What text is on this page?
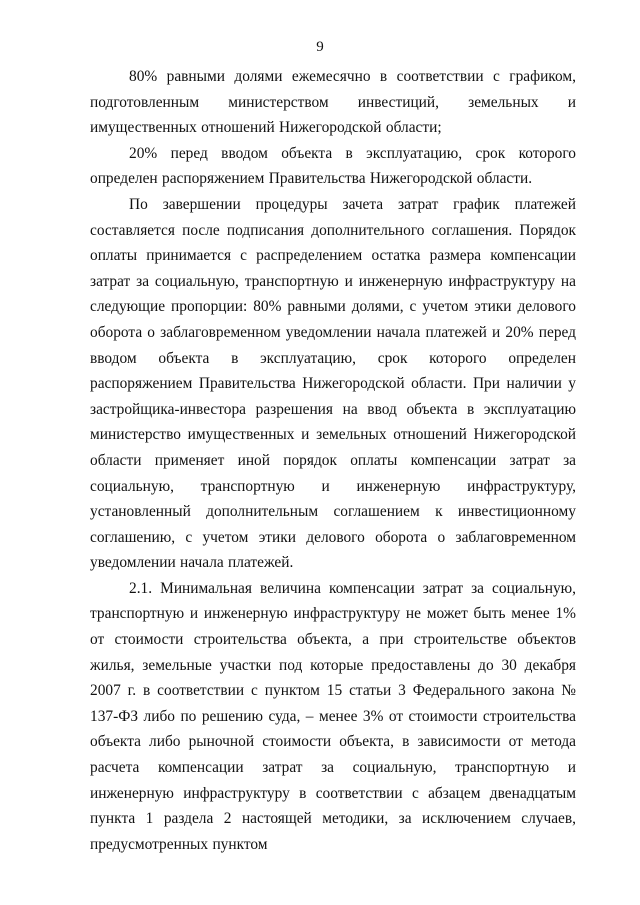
9

80% равными долями ежемесячно в соответствии с графиком, подготовленным министерством инвестиций, земельных и имущественных отношений Нижегородской области;

20% перед вводом объекта в эксплуатацию, срок которого определен распоряжением Правительства Нижегородской области.

По завершении процедуры зачета затрат график платежей составляется после подписания дополнительного соглашения. Порядок оплаты принимается с распределением остатка размера компенсации затрат за социальную, транспортную и инженерную инфраструктуру на следующие пропорции: 80% равными долями, с учетом этики делового оборота о заблаговременном уведомлении начала платежей и 20% перед вводом объекта в эксплуатацию, срок которого определен распоряжением Правительства Нижегородской области. При наличии у застройщика-инвестора разрешения на ввод объекта в эксплуатацию министерство имущественных и земельных отношений Нижегородской области применяет иной порядок оплаты компенсации затрат за социальную, транспортную и инженерную инфраструктуру, установленный дополнительным соглашением к инвестиционному соглашению, с учетом этики делового оборота о заблаговременном уведомлении начала платежей.

2.1. Минимальная величина компенсации затрат за социальную, транспортную и инженерную инфраструктуру не может быть менее 1% от стоимости строительства объекта, а при строительстве объектов жилья, земельные участки под которые предоставлены до 30 декабря 2007 г. в соответствии с пунктом 15 статьи 3 Федерального закона № 137-ФЗ либо по решению суда, – менее 3% от стоимости строительства объекта либо рыночной стоимости объекта, в зависимости от метода расчета компенсации затрат за социальную, транспортную и инженерную инфраструктуру в соответствии с абзацем двенадцатым пункта 1 раздела 2 настоящей методики, за исключением случаев, предусмотренных пунктом
